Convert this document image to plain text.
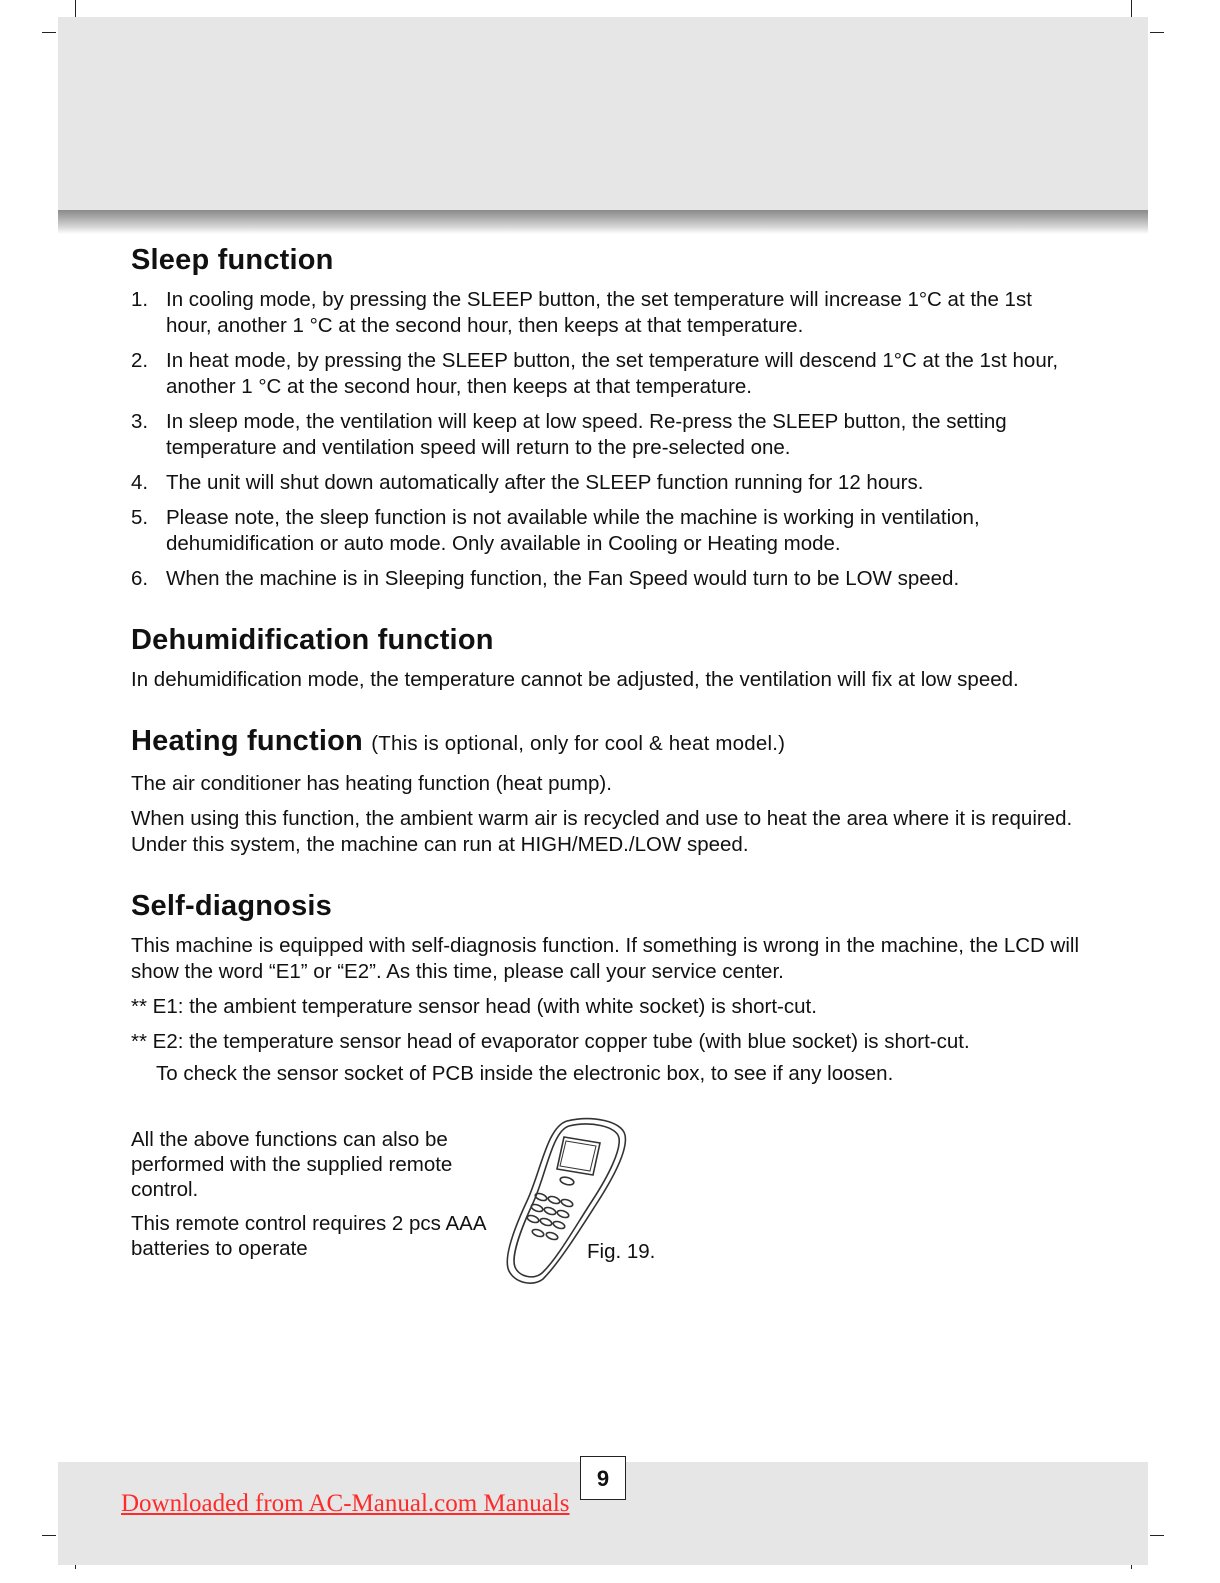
Sleep function
1. In cooling mode, by pressing the SLEEP button, the set temperature will increase 1°C at the 1st hour, another 1 °C at the second hour, then keeps at that temperature.
2. In heat mode, by pressing the SLEEP button, the set temperature will descend 1°C at the 1st hour, another 1 °C at the second hour, then keeps at that temperature.
3. In sleep mode, the ventilation will keep at low speed. Re-press the SLEEP button, the setting temperature and ventilation speed will return to the pre-selected one.
4. The unit will shut down automatically after the SLEEP function running for 12 hours.
5. Please note, the sleep function is not available while the machine is working in ventilation, dehumidification or auto mode. Only available in Cooling or Heating mode.
6. When the machine is in Sleeping function, the Fan Speed would turn to be LOW speed.
Dehumidification function

In dehumidification mode, the temperature cannot be adjusted, the ventilation will fix at low speed.

Heating function (This is optional, only for cool & heat model.)

The air conditioner has heating function (heat pump).

When using this function, the ambient warm air is recycled and use to heat the area where it is required. Under this system, the machine can run at HIGH/MED./LOW speed.

Self-diagnosis

This machine is equipped with self-diagnosis function. If something is wrong in the machine, the LCD will show the word “E1” or “E2”. As this time, please call your service center.

** E1: the ambient temperature sensor head (with white socket) is short-cut.

** E2: the temperature sensor head of evaporator copper tube (with blue socket) is short-cut.

To check the sensor socket of PCB inside the electronic box, to see if any loosen.

All the above functions can also be performed with the supplied remote control.

This remote control requires 2 pcs AAA batteries to operate	Fig. 19.
9
Downloaded from AC-Manual.com Manuals
